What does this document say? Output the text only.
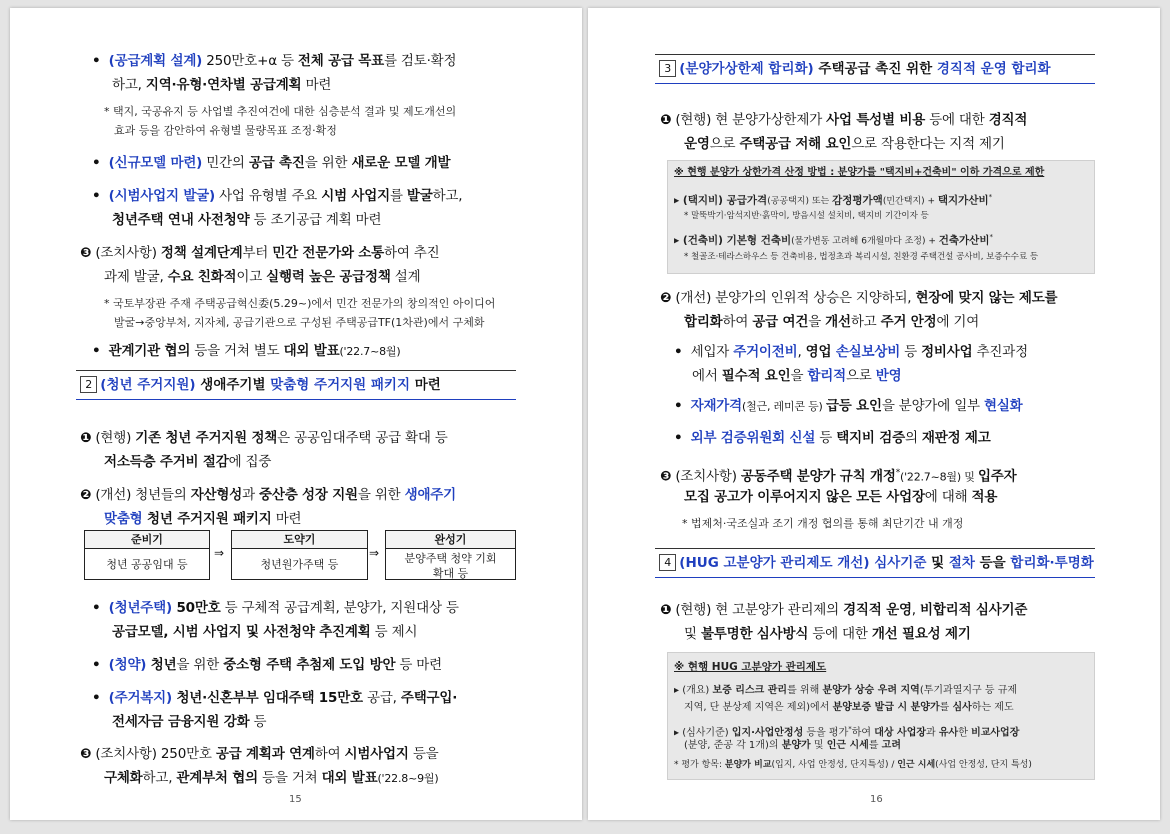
• (공급계획 설계) 250만호+α 등 전체 공급 목표를 검토·확정
하고, 지역·유형·연차별 공급계획 마련
* 택지, 국공유지 등 사업별 추진여건에 대한 심층분석 결과 및 제도개선의
효과 등을 감안하여 유형별 물량목표 조정·확정
• (신규모델 마련) 민간의 공급 촉진을 위한 새로운 모델 개발
• (시범사업지 발굴) 사업 유형별 주요 시범 사업지를 발굴하고,
청년주택 연내 사전청약 등 조기공급 계획 마련
❸ (조치사항) 정책 설계단계부터 민간 전문가와 소통하여 추진
과제 발굴, 수요 친화적이고 실행력 높은 공급정책 설계
* 국토부장관 주재 주택공급혁신委(5.29~)에서 민간 전문가의 창의적인 아이디어
발굴→중앙부처, 지자체, 공급기관으로 구성된 주택공급TF(1차관)에서 구체화
• 관계기관 협의 등을 거쳐 별도 대외 발표('22.7~8월)
2 (청년 주거지원) 생애주기별 맞춤형 주거지원 패키지 마련
❶ (현행) 기존 청년 주거지원 정책은 공공임대주택 공급 확대 등
저소득층 주거비 절감에 집중
❷ (개선) 청년들의 자산형성과 중산층 성장 지원을 위한 생애주기
맞춤형 청년 주거지원 패키지 마련
준비기
청년 공공임대 등
⇒
도약기
청년원가주택 등
⇒
완성기
분양주택 청약 기회
확대 등
• (청년주택) 50만호 등 구체적 공급계획, 분양가, 지원대상 등
공급모델, 시범 사업지 및 사전청약 추진계획 등 제시
• (청약) 청년을 위한 중소형 주택 추첨제 도입 방안 등 마련
• (주거복지) 청년·신혼부부 임대주택 15만호 공급, 주택구입·
전세자금 금융지원 강화 등
❸ (조치사항) 250만호 공급 계획과 연계하여 시범사업지 등을
구체화하고, 관계부처 협의 등을 거쳐 대외 발표('22.8~9월)
15
3 (분양가상한제 합리화) 주택공급 촉진 위한 경직적 운영 합리화
❶ (현행) 현 분양가상한제가 사업 특성별 비용 등에 대한 경직적
운영으로 주택공급 저해 요인으로 작용한다는 지적 제기
※ 현행 분양가 상한가격 산정 방법 : 분양가를 "택지비+건축비" 이하 가격으로 제한
▸ (택지비) 공급가격(공공택지) 또는 감정평가액(민간택지) + 택지가산비*
* 말뚝박기·암석지반·흙막이, 방음시설 설치비, 택지비 기간이자 등
▸ (건축비) 기본형 건축비(물가변동 고려해 6개월마다 조정) + 건축가산비*
* 철골조·테라스하우스 등 건축비용, 법정초과 복리시설, 친환경 주택건설 공사비, 보증수수료 등
❷ (개선) 분양가의 인위적 상승은 지양하되, 현장에 맞지 않는 제도를
합리화하여 공급 여건을 개선하고 주거 안정에 기여
• 세입자 주거이전비, 영업 손실보상비 등 정비사업 추진과정
에서 필수적 요인을 합리적으로 반영
• 자재가격(철근, 레미콘 등) 급등 요인을 분양가에 일부 현실화
• 외부 검증위원회 신설 등 택지비 검증의 재판정 제고
❸ (조치사항) 공동주택 분양가 규칙 개정*('22.7~8월) 및 입주자
모집 공고가 이루어지지 않은 모든 사업장에 대해 적용
* 법제처·국조실과 조기 개정 협의를 통해 최단기간 내 개정
4 (HUG 고분양가 관리제도 개선) 심사기준 및 절차 등을 합리화·투명화
❶ (현행) 현 고분양가 관리제의 경직적 운영, 비합리적 심사기준
및 불투명한 심사방식 등에 대한 개선 필요성 제기
※ 현행 HUG 고분양가 관리제도
▸ (개요) 보증 리스크 관리를 위해 분양가 상승 우려 지역(투기과열지구 등 규제
지역, 단 분상제 지역은 제외)에서 분양보증 발급 시 분양가를 심사하는 제도
▸ (심사기준) 입지·사업안정성 등을 평가*하여 대상 사업장과 유사한 비교사업장
(분양, 준공 각 1개)의 분양가 및 인근 시세를 고려
* 평가 항목: 분양가 비교(입지, 사업 안정성, 단지특성) / 인근 시세(사업 안정성, 단지 특성)
16
